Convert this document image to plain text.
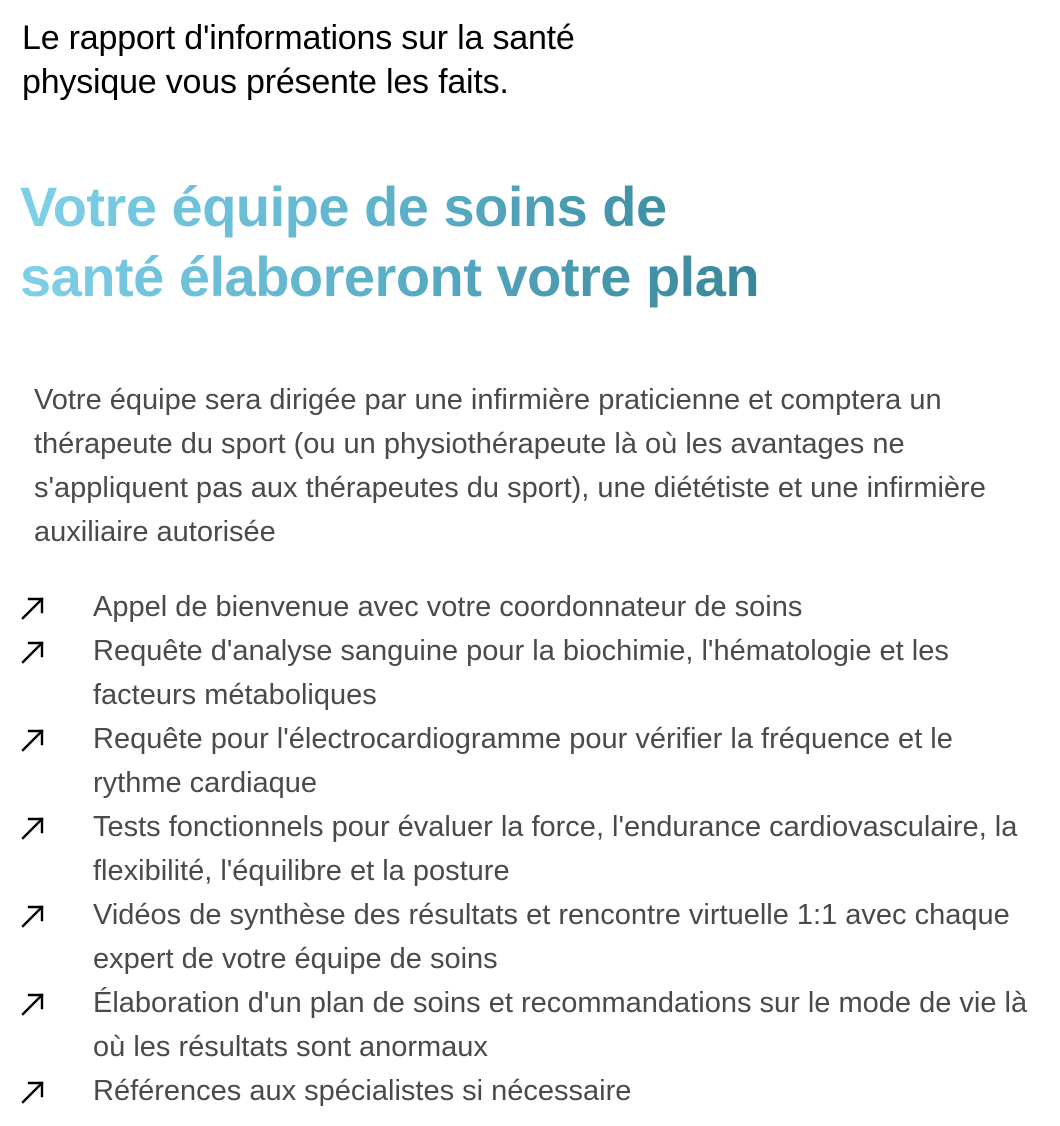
Le rapport d'informations sur la santé
physique vous présente les faits.
Votre équipe de soins de
santé élaboreront votre plan

Votre équipe sera dirigée par une infirmière praticienne et comptera un thérapeute du sport (ou un physiothérapeute là où les avantages ne s'appliquent pas aux thérapeutes du sport), une diététiste et une infirmière auxiliaire autorisée

Appel de bienvenue avec votre coordonnateur de soins
Requête d'analyse sanguine pour la biochimie, l'hématologie et les facteurs métaboliques
Requête pour l'électrocardiogramme pour vérifier la fréquence et le rythme cardiaque
Tests fonctionnels pour évaluer la force, l'endurance cardiovasculaire, la flexibilité, l'équilibre et la posture
Vidéos de synthèse des résultats et rencontre virtuelle 1:1 avec chaque expert de votre équipe de soins
Élaboration d'un plan de soins et recommandations sur le mode de vie là où les résultats sont anormaux
Références aux spécialistes si nécessaire
